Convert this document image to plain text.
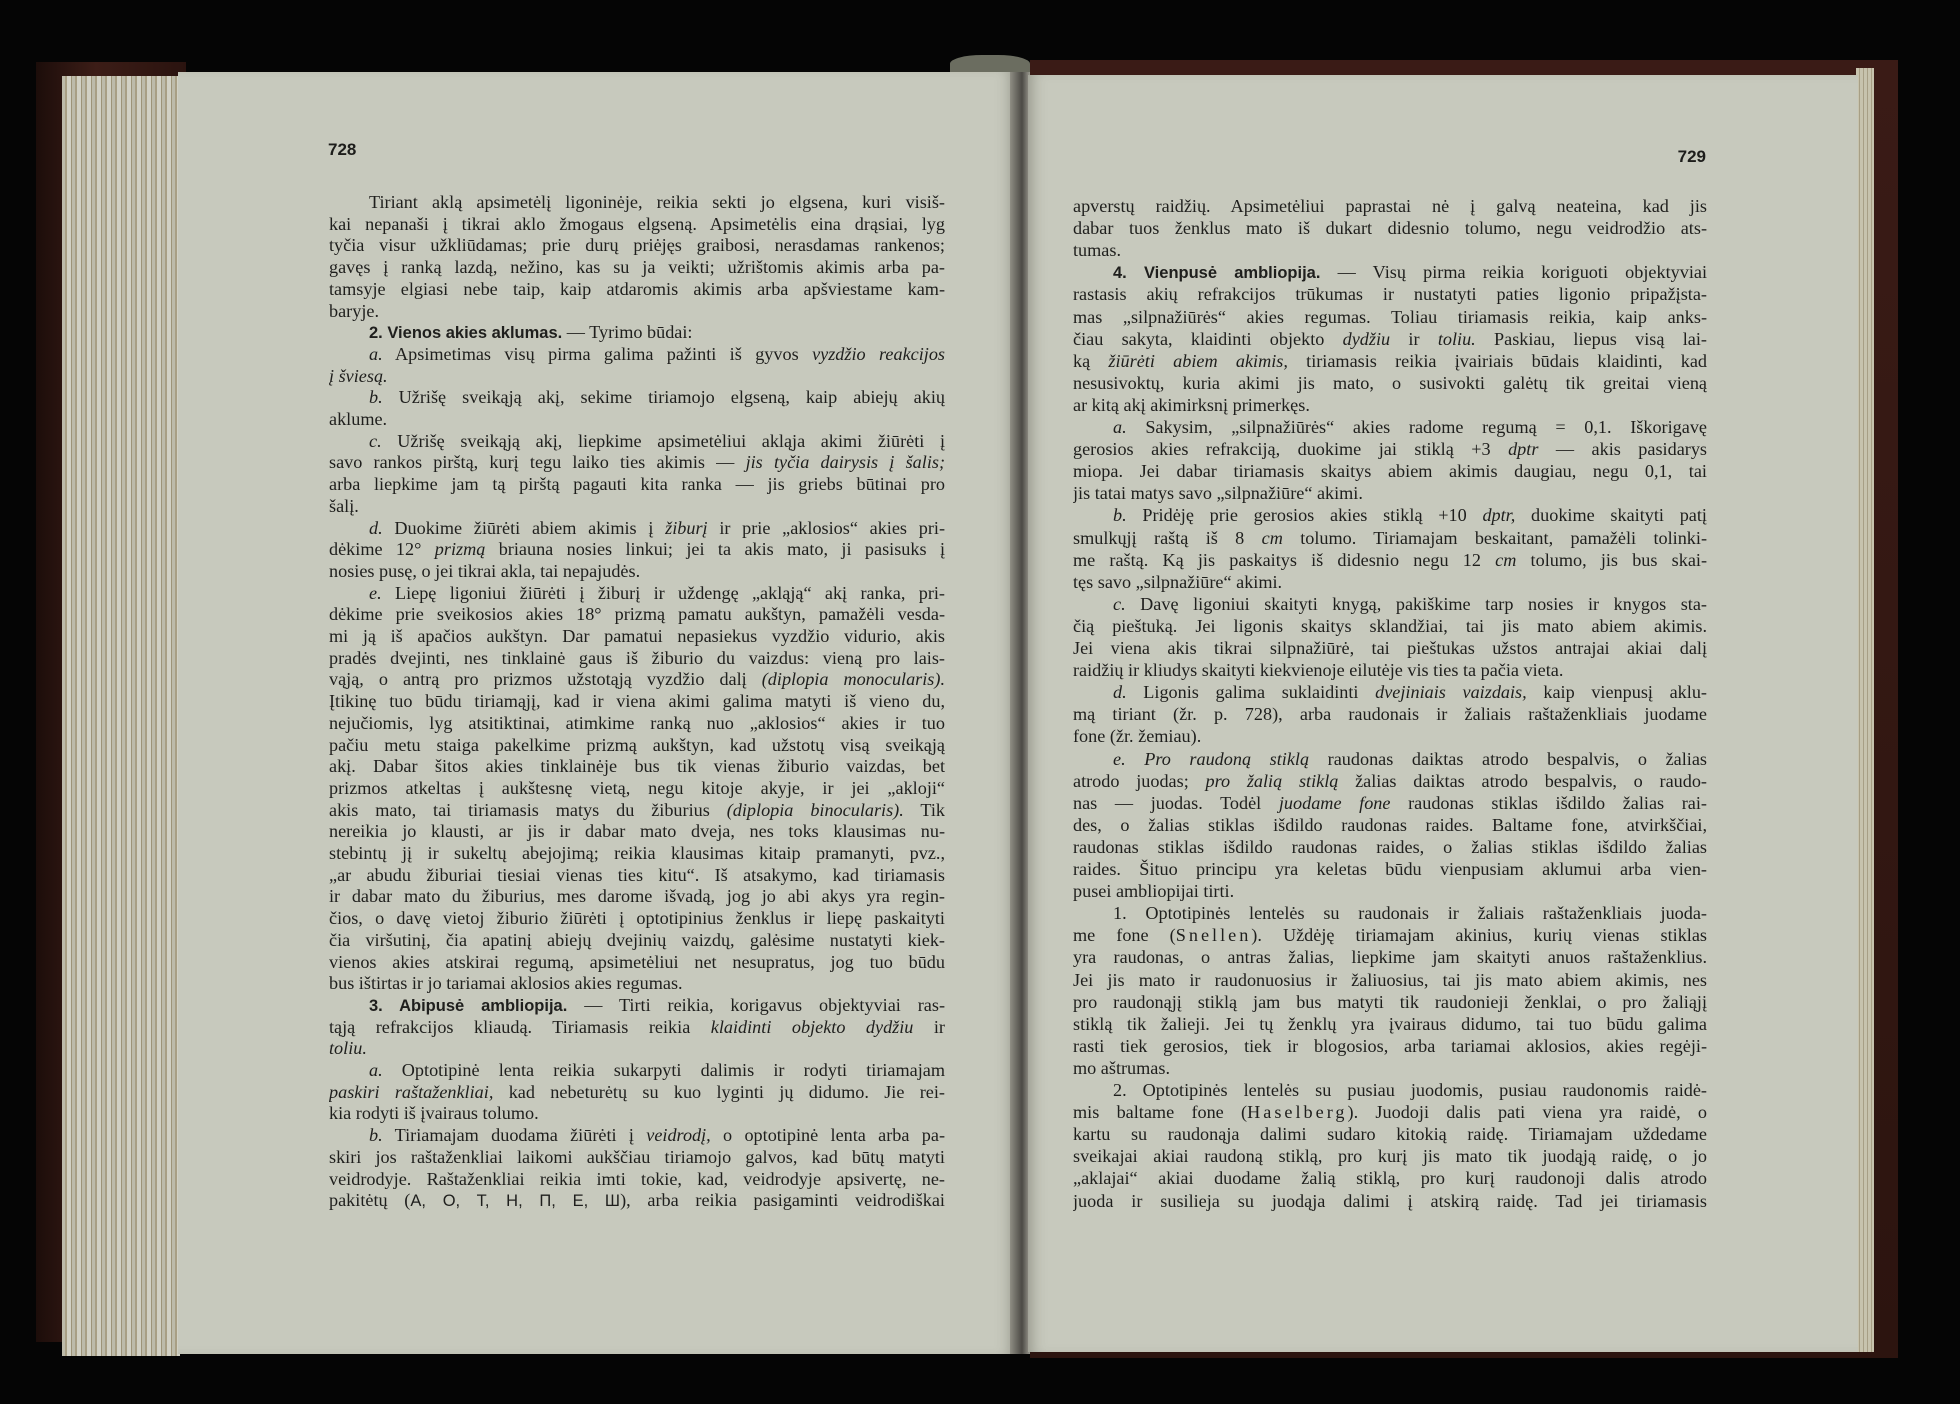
728
Tiriant aklą apsimetėlį ligoninėje, reikia sekti jo elgsena, kuri visiš-
kai nepanaši į tikrai aklo žmogaus elgseną. Apsimetėlis eina drąsiai, lyg
tyčia visur užkliūdamas; prie durų priėjęs graibosi, nerasdamas rankenos;
gavęs į ranką lazdą, nežino, kas su ja veikti; užrištomis akimis arba pa-
tamsyje elgiasi nebe taip, kaip atdaromis akimis arba apšviestame kam-
baryje.
2. Vienos akies aklumas. — Tyrimo būdai:
a. Apsimetimas visų pirma galima pažinti iš gyvos vyzdžio reakcijos
į šviesą.
b. Užrišę sveikąją akį, sekime tiriamojo elgseną, kaip abiejų akių
aklume.
c. Užrišę sveikąją akį, liepkime apsimetėliui akląja akimi žiūrėti į
savo rankos pirštą, kurį tegu laiko ties akimis — jis tyčia dairysis į šalis;
arba liepkime jam tą pirštą pagauti kita ranka — jis griebs būtinai pro
šalį.
d. Duokime žiūrėti abiem akimis į žiburį ir prie „aklosios“ akies pri-
dėkime 12° prizmą briauna nosies linkui; jei ta akis mato, ji pasisuks į
nosies pusę, o jei tikrai akla, tai nepajudės.
e. Liepę ligoniui žiūrėti į žiburį ir uždengę „akląją“ akį ranka, pri-
dėkime prie sveikosios akies 18° prizmą pamatu aukštyn, pamažėli vesda-
mi ją iš apačios aukštyn. Dar pamatui nepasiekus vyzdžio vidurio, akis
pradės dvejinti, nes tinklainė gaus iš žiburio du vaizdus: vieną pro lais-
vąją, o antrą pro prizmos užstotąją vyzdžio dalį (diplopia monocularis).
Įtikinę tuo būdu tiriamąjį, kad ir viena akimi galima matyti iš vieno du,
nejučiomis, lyg atsitiktinai, atimkime ranką nuo „aklosios“ akies ir tuo
pačiu metu staiga pakelkime prizmą aukštyn, kad užstotų visą sveikąją
akį. Dabar šitos akies tinklainėje bus tik vienas žiburio vaizdas, bet
prizmos atkeltas į aukštesnę vietą, negu kitoje akyje, ir jei „akloji“
akis mato, tai tiriamasis matys du žiburius (diplopia binocularis). Tik
nereikia jo klausti, ar jis ir dabar mato dveja, nes toks klausimas nu-
stebintų jį ir sukeltų abejojimą; reikia klausimas kitaip pramanyti, pvz.,
„ar abudu žiburiai tiesiai vienas ties kitu“. Iš atsakymo, kad tiriamasis
ir dabar mato du žiburius, mes darome išvadą, jog jo abi akys yra regin-
čios, o davę vietoj žiburio žiūrėti į optotipinius ženklus ir liepę paskaityti
čia viršutinį, čia apatinį abiejų dvejinių vaizdų, galėsime nustatyti kiek-
vienos akies atskirai regumą, apsimetėliui net nesupratus, jog tuo būdu
bus ištirtas ir jo tariamai aklosios akies regumas.
3. Abipusė ambliopija. — Tirti reikia, korigavus objektyviai ras-
tąją refrakcijos kliaudą. Tiriamasis reikia klaidinti objekto dydžiu ir
toliu.
a. Optotipinė lenta reikia sukarpyti dalimis ir rodyti tiriamajam
paskiri raštaženkliai, kad nebeturėtų su kuo lyginti jų didumo. Jie rei-
kia rodyti iš įvairaus tolumo.
b. Tiriamajam duodama žiūrėti į veidrodį, o optotipinė lenta arba pa-
skiri jos raštaženkliai laikomi aukščiau tiriamojo galvos, kad būtų matyti
veidrodyje. Raštaženkliai reikia imti tokie, kad, veidrodyje apsivertę, ne-
pakitėtų (A, O, T, H, П, E, Ш), arba reikia pasigaminti veidrodiškai
729
apverstų raidžių. Apsimetėliui paprastai nė į galvą neateina, kad jis
dabar tuos ženklus mato iš dukart didesnio tolumo, negu veidrodžio ats-
tumas.
4. Vienpusė ambliopija. — Visų pirma reikia koriguoti objektyviai
rastasis akių refrakcijos trūkumas ir nustatyti paties ligonio pripažįsta-
mas „silpnažiūrės“ akies regumas. Toliau tiriamasis reikia, kaip anks-
čiau sakyta, klaidinti objekto dydžiu ir toliu. Paskiau, liepus visą lai-
ką žiūrėti abiem akimis, tiriamasis reikia įvairiais būdais klaidinti, kad
nesusivoktų, kuria akimi jis mato, o susivokti galėtų tik greitai vieną
ar kitą akį akimirksnį primerkęs.
a. Sakysim, „silpnažiūrės“ akies radome regumą = 0,1. Iškorigavę
gerosios akies refrakciją, duokime jai stiklą +3 dptr — akis pasidarys
miopa. Jei dabar tiriamasis skaitys abiem akimis daugiau, negu 0,1, tai
jis tatai matys savo „silpnažiūre“ akimi.
b. Pridėję prie gerosios akies stiklą +10 dptr, duokime skaityti patį
smulkųjį raštą iš 8 cm tolumo. Tiriamajam beskaitant, pamažėli tolinki-
me raštą. Ką jis paskaitys iš didesnio negu 12 cm tolumo, jis bus skai-
tęs savo „silpnažiūre“ akimi.
c. Davę ligoniui skaityti knygą, pakiškime tarp nosies ir knygos sta-
čią pieštuką. Jei ligonis skaitys sklandžiai, tai jis mato abiem akimis.
Jei viena akis tikrai silpnažiūrė, tai pieštukas užstos antrajai akiai dalį
raidžių ir kliudys skaityti kiekvienoje eilutėje vis ties ta pačia vieta.
d. Ligonis galima suklaidinti dvejiniais vaizdais, kaip vienpusį aklu-
mą tiriant (žr. p. 728), arba raudonais ir žaliais raštaženkliais juodame
fone (žr. žemiau).
e. Pro raudoną stiklą raudonas daiktas atrodo bespalvis, o žalias
atrodo juodas; pro žalią stiklą žalias daiktas atrodo bespalvis, o raudo-
nas — juodas. Todėl juodame fone raudonas stiklas išdildo žalias rai-
des, o žalias stiklas išdildo raudonas raides. Baltame fone, atvirkščiai,
raudonas stiklas išdildo raudonas raides, o žalias stiklas išdildo žalias
raides. Šituo principu yra keletas būdu vienpusiam aklumui arba vien-
pusei ambliopijai tirti.
1. Optotipinės lentelės su raudonais ir žaliais raštaženkliais juoda-
me fone (Snellen). Uždėję tiriamajam akinius, kurių vienas stiklas
yra raudonas, o antras žalias, liepkime jam skaityti anuos raštaženklius.
Jei jis mato ir raudonuosius ir žaliuosius, tai jis mato abiem akimis, nes
pro raudonąjį stiklą jam bus matyti tik raudonieji ženklai, o pro žaliąjį
stiklą tik žalieji. Jei tų ženklų yra įvairaus didumo, tai tuo būdu galima
rasti tiek gerosios, tiek ir blogosios, arba tariamai aklosios, akies regėji-
mo aštrumas.
2. Optotipinės lentelės su pusiau juodomis, pusiau raudonomis raidė-
mis baltame fone (Haselberg). Juodoji dalis pati viena yra raidė, o
kartu su raudonąja dalimi sudaro kitokią raidę. Tiriamajam uždedame
sveikajai akiai raudoną stiklą, pro kurį jis mato tik juodąją raidę, o jo
„aklajai“ akiai duodame žalią stiklą, pro kurį raudonoji dalis atrodo
juoda ir susilieja su juodąja dalimi į atskirą raidę. Tad jei tiriamasis
